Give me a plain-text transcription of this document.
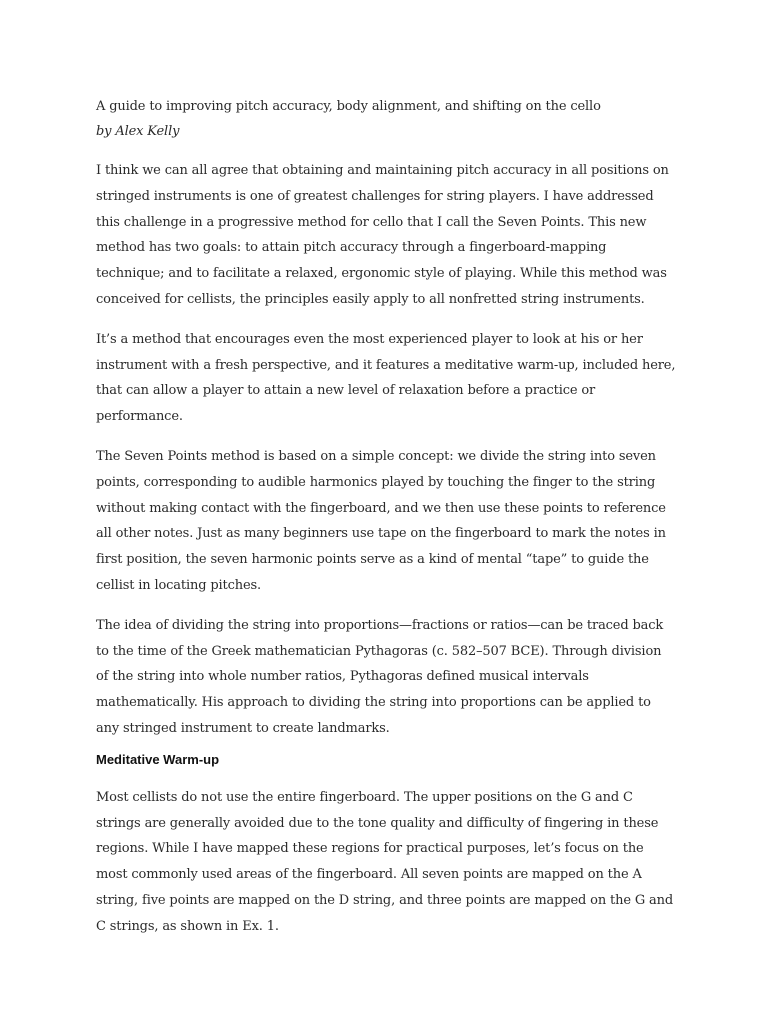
A guide to improving pitch accuracy, body alignment, and shifting on the cello

by Alex Kelly

I think we can all agree that obtaining and maintaining pitch accuracy in all positions on stringed instruments is one of greatest challenges for string players. I have addressed this challenge in a progressive method for cello that I call the Seven Points. This new method has two goals: to attain pitch accuracy through a fingerboard-mapping technique; and to facilitate a relaxed, ergonomic style of playing. While this method was conceived for cellists, the principles easily apply to all nonfretted string instruments.

It’s a method that encourages even the most experienced player to look at his or her instrument with a fresh perspective, and it features a meditative warm-up, included here, that can allow a player to attain a new level of relaxation before a practice or performance.

The Seven Points method is based on a simple concept: we divide the string into seven points, corresponding to audible harmonics played by touching the finger to the string without making contact with the fingerboard, and we then use these points to reference all other notes. Just as many beginners use tape on the fingerboard to mark the notes in first position, the seven harmonic points serve as a kind of mental “tape” to guide the cellist in locating pitches.

The idea of dividing the string into proportions—fractions or ratios—can be traced back to the time of the Greek mathematician Pythagoras (c. 582–507 BCE). Through division of the string into whole number ratios, Pythagoras defined musical intervals mathematically. His approach to dividing the string into proportions can be applied to any stringed instrument to create landmarks.

Meditative Warm-up

Most cellists do not use the entire fingerboard. The upper positions on the G and C strings are generally avoided due to the tone quality and difficulty of fingering in these regions. While I have mapped these regions for practical purposes, let’s focus on the most commonly used areas of the fingerboard. All seven points are mapped on the A string, five points are mapped on the D string, and three points are mapped on the G and C strings, as shown in Ex. 1.
